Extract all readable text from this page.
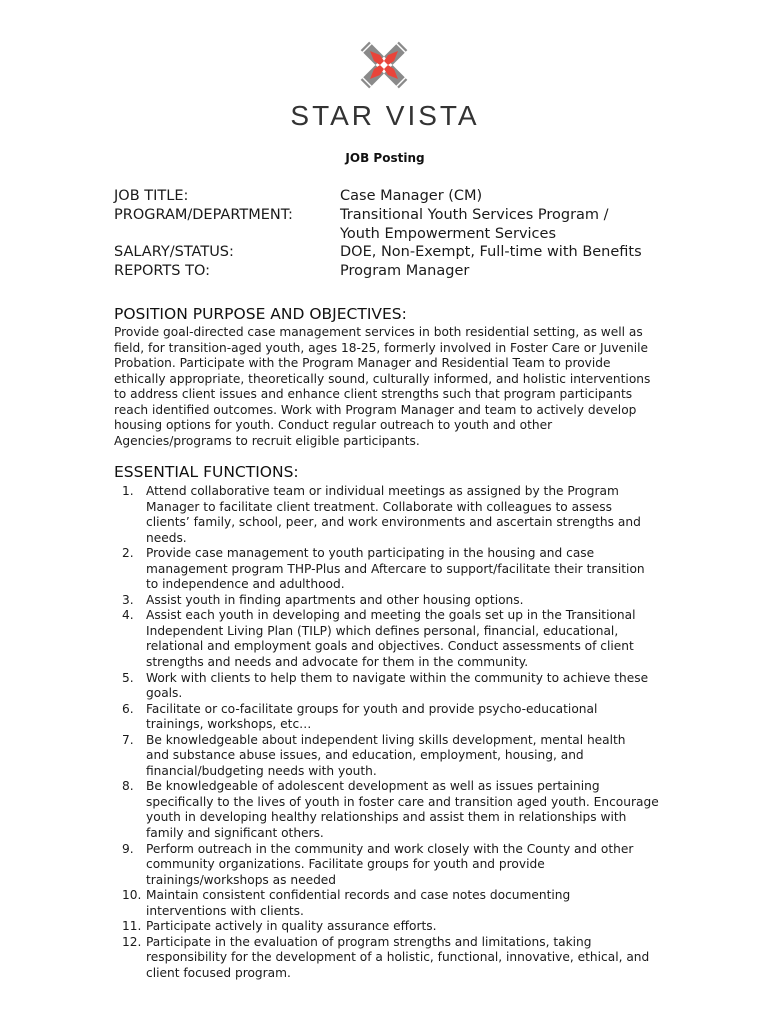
STAR VISTA
JOB Posting
JOB TITLE:	Case Manager (CM)
PROGRAM/DEPARTMENT:	Transitional Youth Services Program /
Youth Empowerment Services
SALARY/STATUS:	DOE, Non-Exempt, Full-time with Benefits
REPORTS TO:	Program Manager
POSITION PURPOSE AND OBJECTIVES:
Provide goal-directed case management services in both residential setting, as well as
field, for transition-aged youth, ages 18-25, formerly involved in Foster Care or Juvenile
Probation. Participate with the Program Manager and Residential Team to provide
ethically appropriate, theoretically sound, culturally informed, and holistic interventions
to address client issues and enhance client strengths such that program participants
reach identified outcomes. Work with Program Manager and team to actively develop
housing options for youth. Conduct regular outreach to youth and other
Agencies/programs to recruit eligible participants.
ESSENTIAL FUNCTIONS:
1.	Attend collaborative team or individual meetings as assigned by the Program
Manager to facilitate client treatment. Collaborate with colleagues to assess
clients’ family, school, peer, and work environments and ascertain strengths and
needs.
2.	Provide case management to youth participating in the housing and case
management program THP-Plus and Aftercare to support/facilitate their transition
to independence and adulthood.
3.	Assist youth in finding apartments and other housing options.
4.	Assist each youth in developing and meeting the goals set up in the Transitional
Independent Living Plan (TILP) which defines personal, financial, educational,
relational and employment goals and objectives. Conduct assessments of client
strengths and needs and advocate for them in the community.
5.	Work with clients to help them to navigate within the community to achieve these
goals.
6.	Facilitate or co-facilitate groups for youth and provide psycho-educational
trainings, workshops, etc…
7.	Be knowledgeable about independent living skills development, mental health
and substance abuse issues, and education, employment, housing, and
financial/budgeting needs with youth.
8.	Be knowledgeable of adolescent development as well as issues pertaining
specifically to the lives of youth in foster care and transition aged youth. Encourage
youth in developing healthy relationships and assist them in relationships with
family and significant others.
9.	Perform outreach in the community and work closely with the County and other
community organizations. Facilitate groups for youth and provide
trainings/workshops as needed
10. Maintain consistent confidential records and case notes documenting
interventions with clients.
11. Participate actively in quality assurance efforts.
12. Participate in the evaluation of program strengths and limitations, taking
responsibility for the development of a holistic, functional, innovative, ethical, and
client focused program.
